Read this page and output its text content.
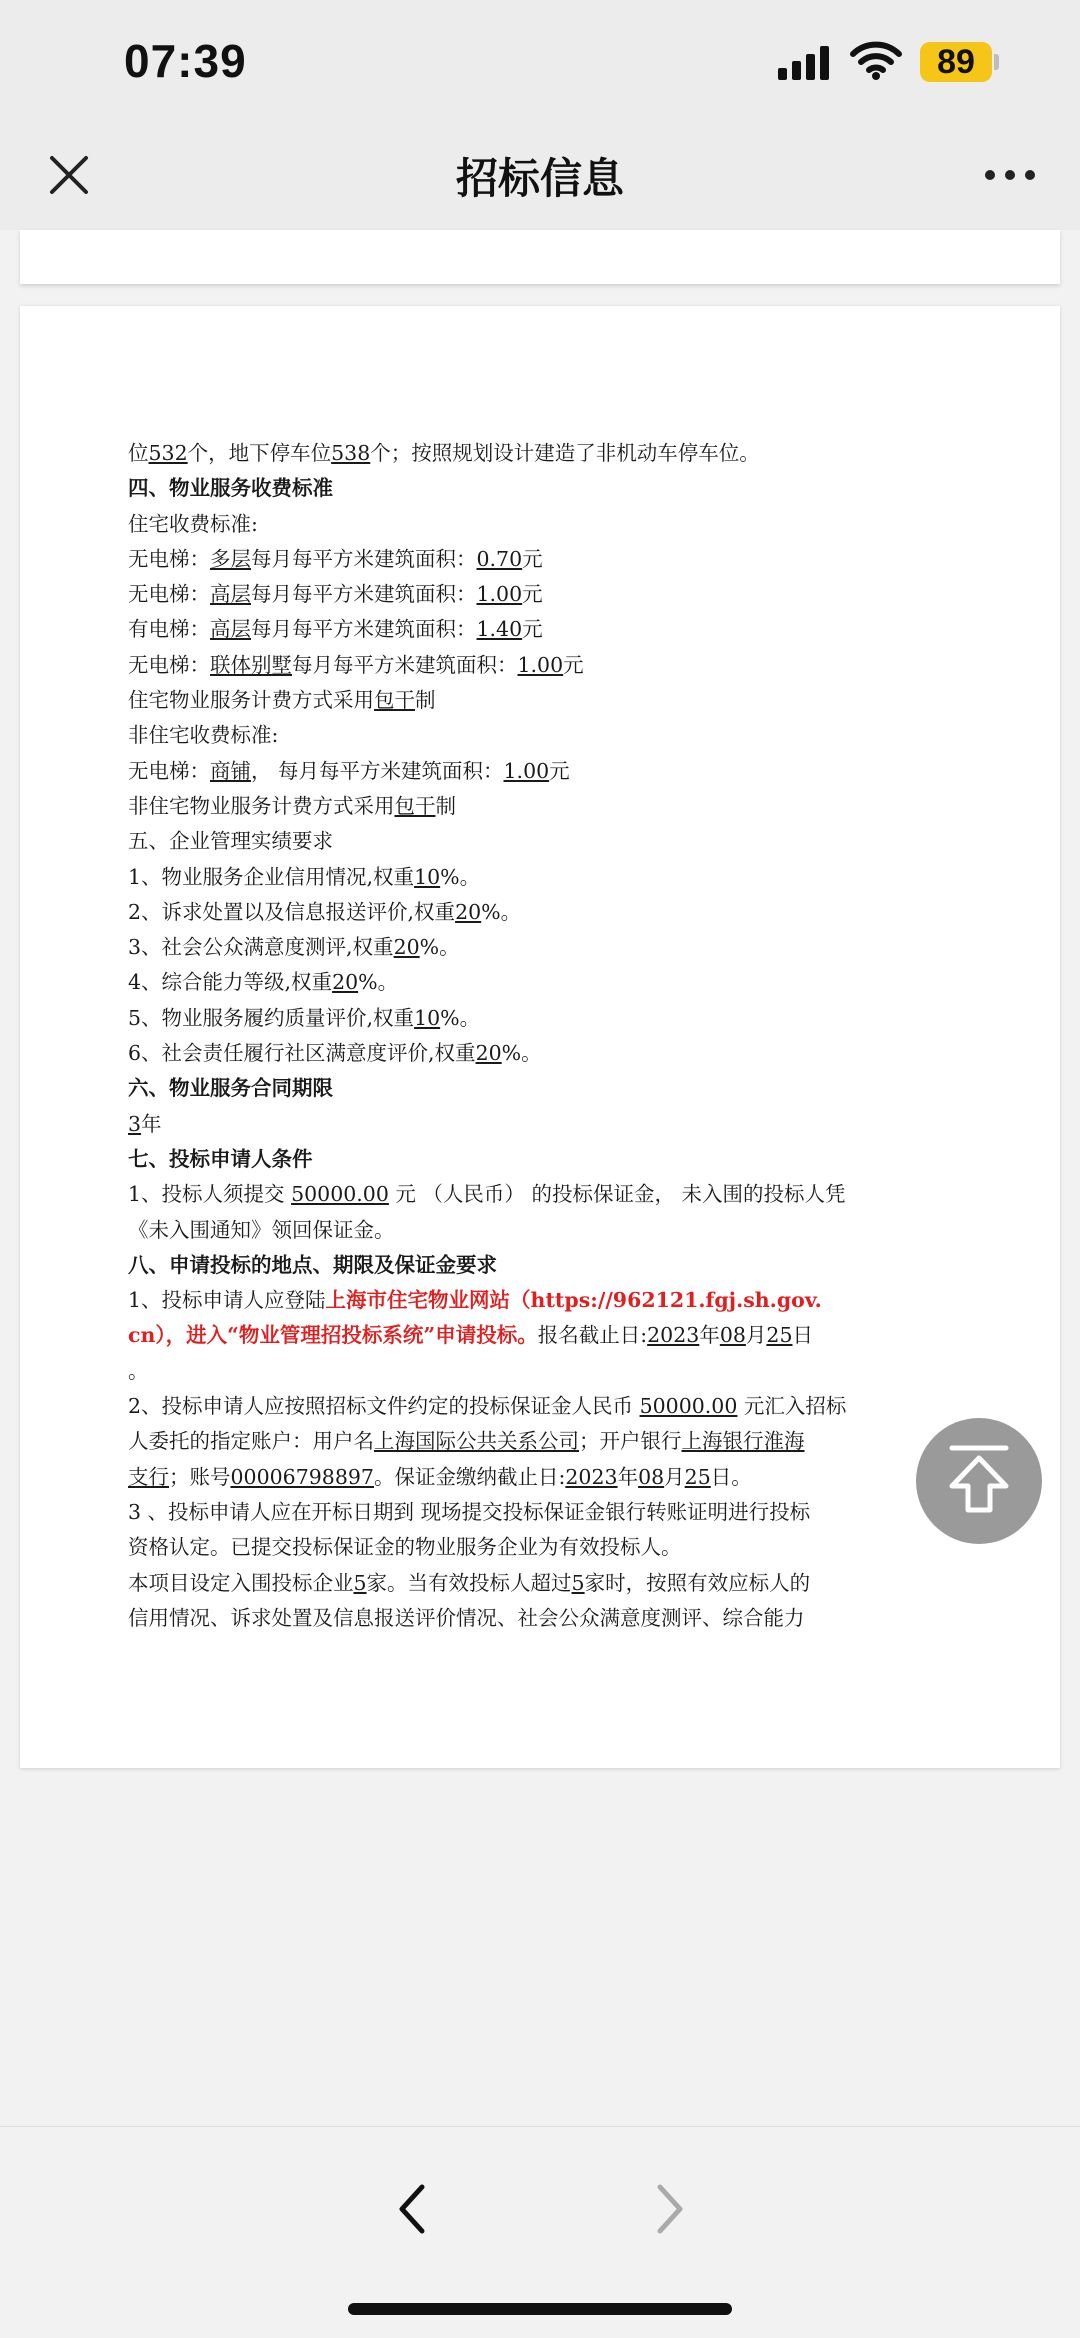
07:39	89
招标信息
位532个，地下停车位538个；按照规划设计建造了非机动车停车位。
四、物业服务收费标准
住宅收费标准:
无电梯：多层每月每平方米建筑面积：0.70元
无电梯：高层每月每平方米建筑面积：1.00元
有电梯：高层每月每平方米建筑面积：1.40元
无电梯：联体别墅每月每平方米建筑面积：1.00元
住宅物业服务计费方式采用包干制
非住宅收费标准:
无电梯：商铺， 每月每平方米建筑面积：1.00元
非住宅物业服务计费方式采用包干制
五、企业管理实绩要求
1、物业服务企业信用情况,权重10%。
2、诉求处置以及信息报送评价,权重20%。
3、社会公众满意度测评,权重20%。
4、综合能力等级,权重20%。
5、物业服务履约质量评价,权重10%。
6、社会责任履行社区满意度评价,权重20%。
六、物业服务合同期限
3年
七、投标申请人条件
1、投标人须提交 50000.00 元 （人民币） 的投标保证金， 未入围的投标人凭
《未入围通知》领回保证金。
八、申请投标的地点、期限及保证金要求
1、投标申请人应登陆上海市住宅物业网站（https://962121.fgj.sh.gov.
cn），进入“物业管理招投标系统”申请投标。报名截止日:2023年08月25日
。
2、投标申请人应按照招标文件约定的投标保证金人民币 50000.00 元汇入招标
人委托的指定账户：用户名上海国际公共关系公司；开户银行上海银行淮海
支行；账号00006798897。保证金缴纳截止日:2023年08月25日。
3 、投标申请人应在开标日期到 现场提交投标保证金银行转账证明进行投标
资格认定。已提交投标保证金的物业服务企业为有效投标人。
本项目设定入围投标企业5家。当有效投标人超过5家时，按照有效应标人的
信用情况、诉求处置及信息报送评价情况、社会公众满意度测评、综合能力
